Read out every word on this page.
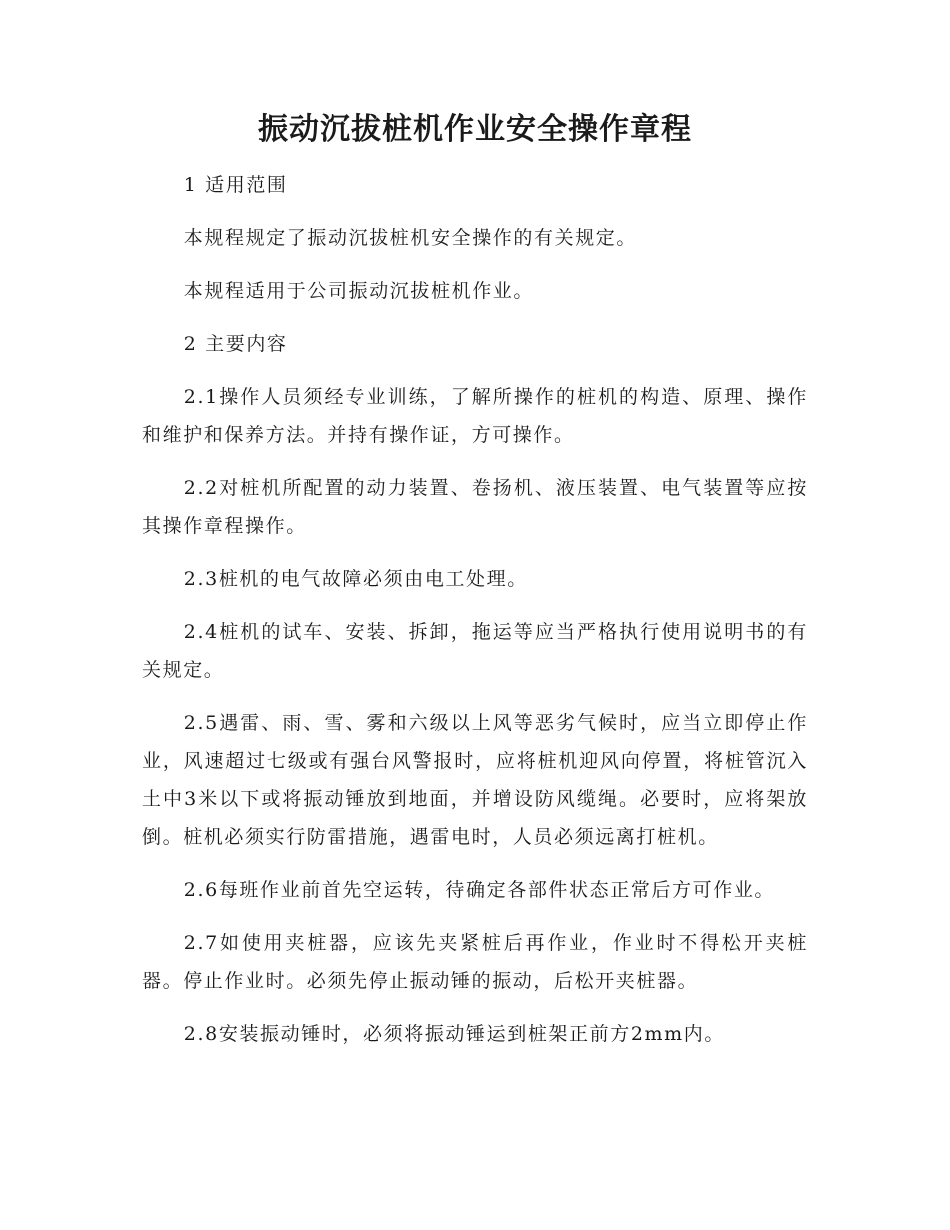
振动沉拔桩机作业安全操作章程

1 适用范围

本规程规定了振动沉拔桩机安全操作的有关规定。

本规程适用于公司振动沉拔桩机作业。

2 主要内容

2.1操作人员须经专业训练，了解所操作的桩机的构造、原理、操作和维护和保养方法。并持有操作证，方可操作。

2.2对桩机所配置的动力装置、卷扬机、液压装置、电气装置等应按其操作章程操作。

2.3桩机的电气故障必须由电工处理。

2.4桩机的试车、安装、拆卸，拖运等应当严格执行使用说明书的有关规定。

2.5遇雷、雨、雪、雾和六级以上风等恶劣气候时，应当立即停止作业，风速超过七级或有强台风警报时，应将桩机迎风向停置，将桩管沉入土中3米以下或将振动锤放到地面，并增设防风缆绳。必要时，应将架放倒。桩机必须实行防雷措施，遇雷电时，人员必须远离打桩机。

2.6每班作业前首先空运转，待确定各部件状态正常后方可作业。

2.7如使用夹桩器，应该先夹紧桩后再作业，作业时不得松开夹桩器。停止作业时。必须先停止振动锤的振动，后松开夹桩器。

2.8安装振动锤时，必须将振动锤运到桩架正前方2mm内。
